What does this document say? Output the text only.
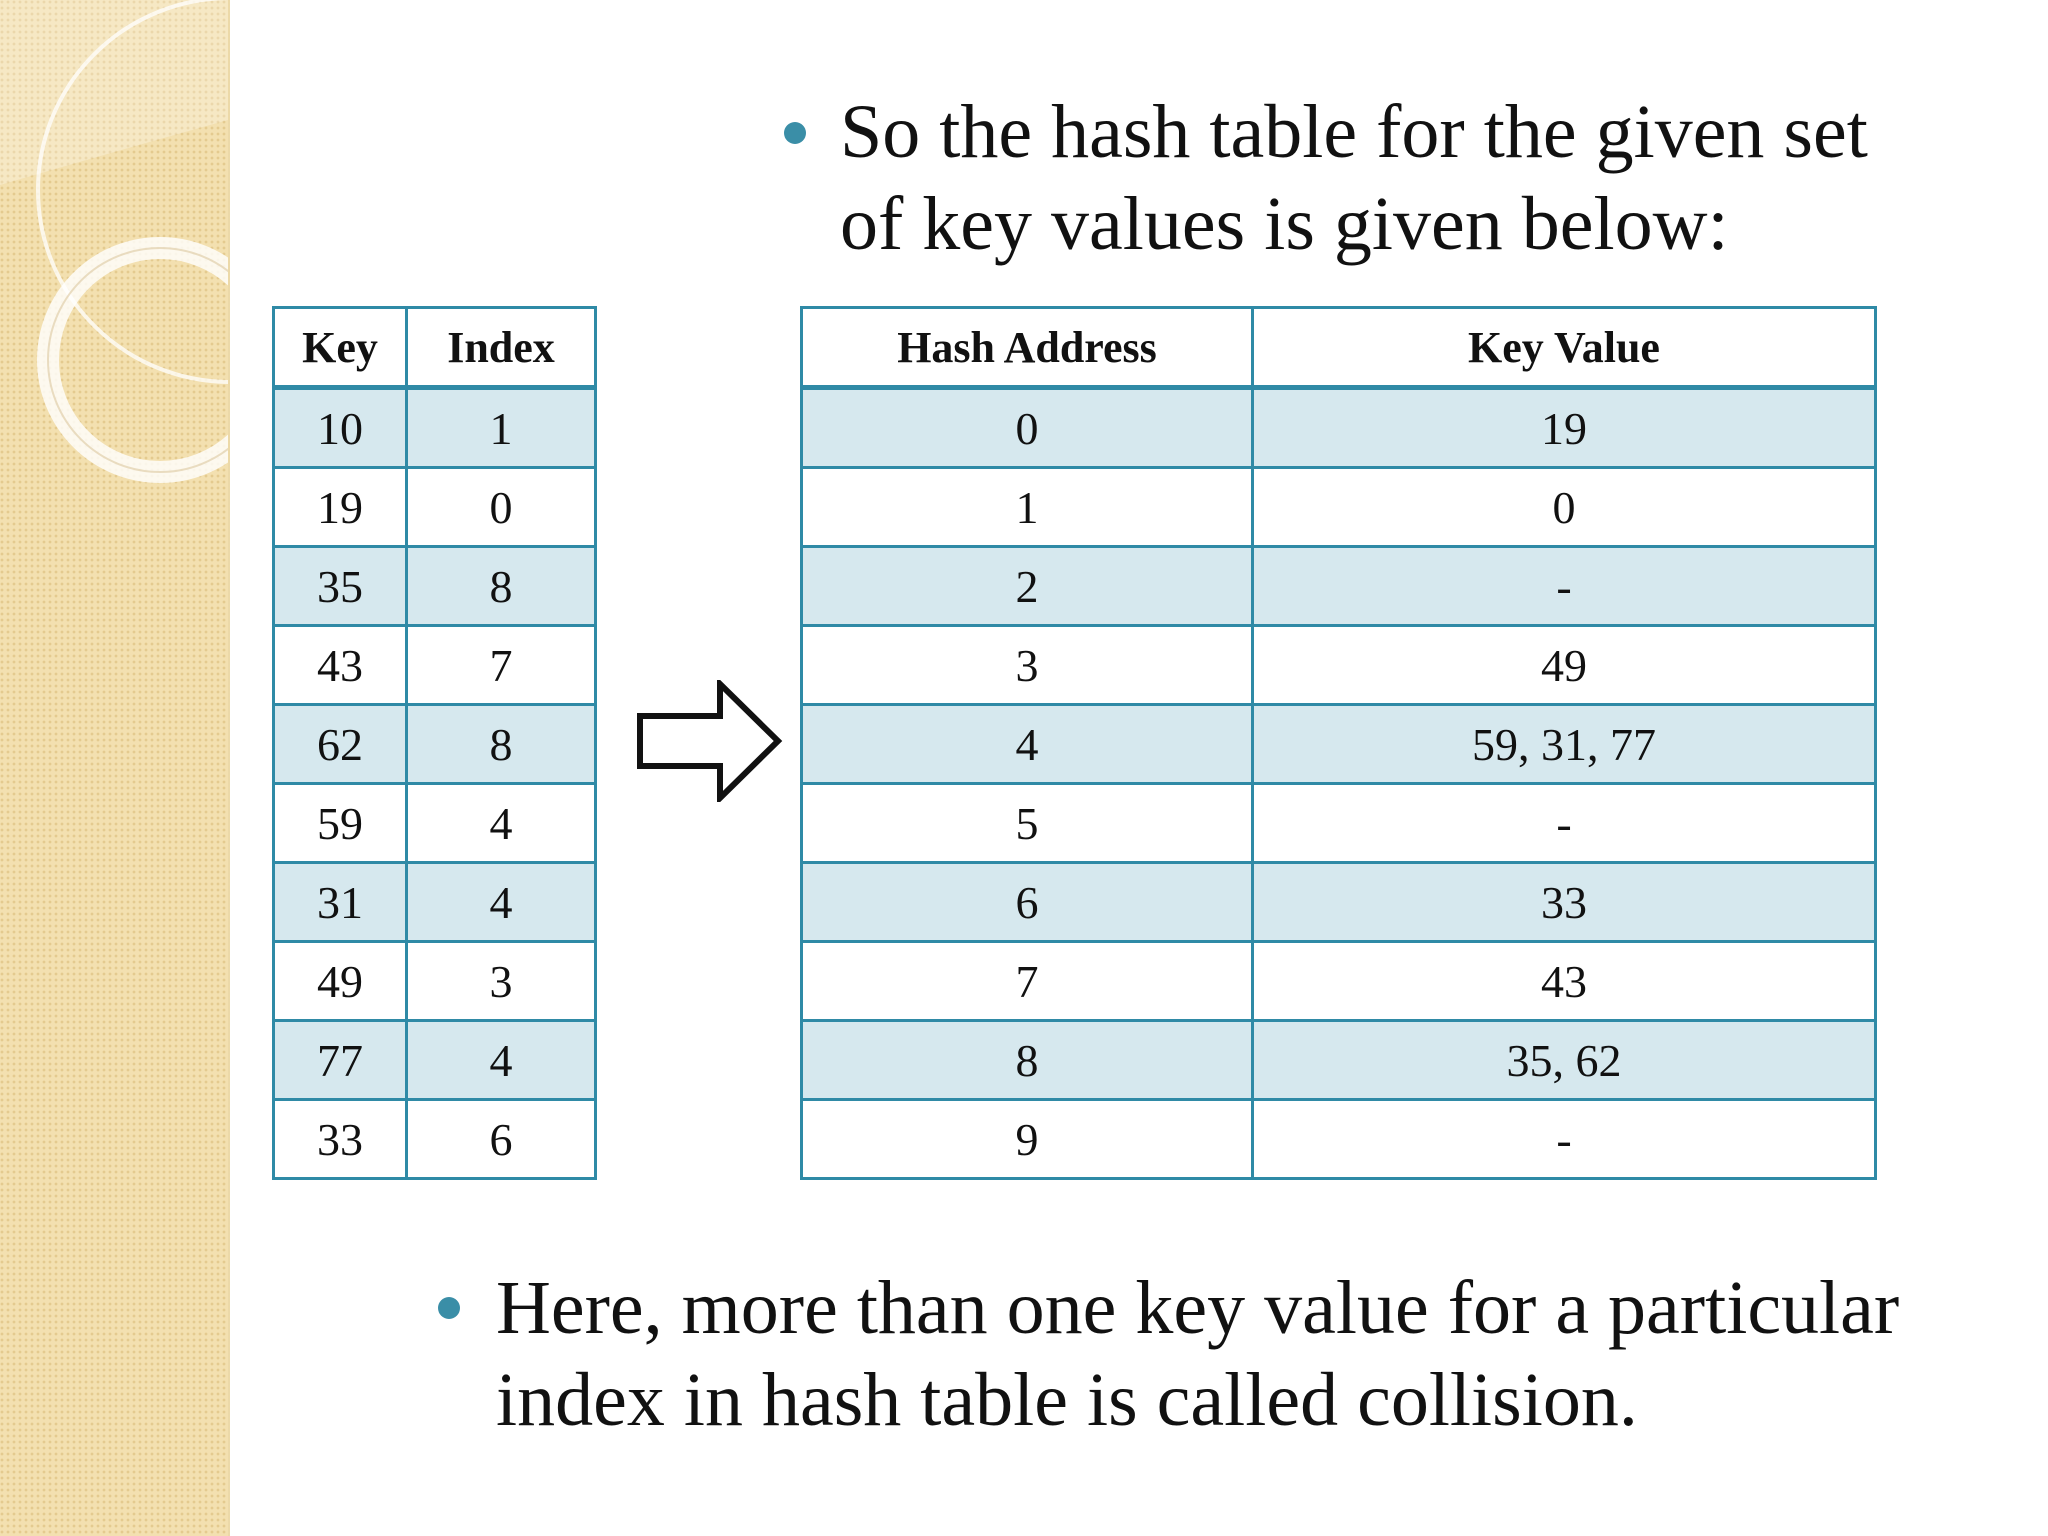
So the hash table for the given set
of key values is given below:
Key	Index
10	1
19	0
35	8
43	7
62	8
59	4
31	4
49	3
77	4
33	6
Hash Address	Key Value
0	19
1	0
2	-
3	49
4	59, 31, 77
5	-
6	33
7	43
8	35, 62
9	-
Here, more than one key value for a particular
index in hash table is called collision.
